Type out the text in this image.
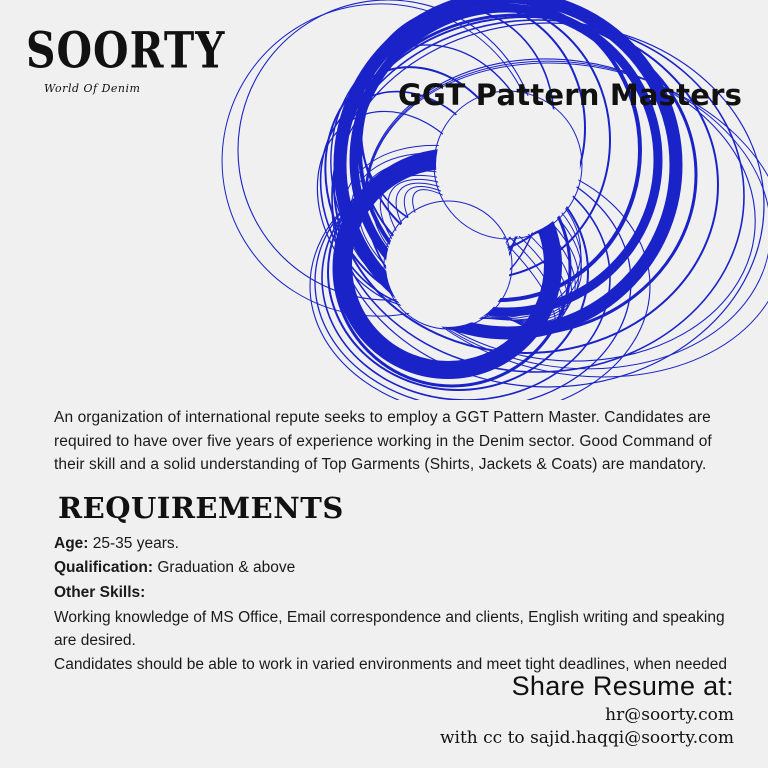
SOORTY
World Of Denim	GGT Pattern Masters

An organization of international repute seeks to employ a GGT Pattern Master. Candidates are required to have over five years of experience working in the Denim sector. Good Command of their skill and a solid understanding of Top Garments (Shirts, Jackets & Coats) are mandatory.

REQUIREMENTS

Age: 25-35 years.

Qualification: Graduation & above

Other Skills:

Working knowledge of MS Office, Email correspondence and clients, English writing and speaking are desired.

Candidates should be able to work in varied environments and meet tight deadlines, when needed

Share Resume at:
hr@soorty.com
with cc to sajid.haqqi@soorty.com
